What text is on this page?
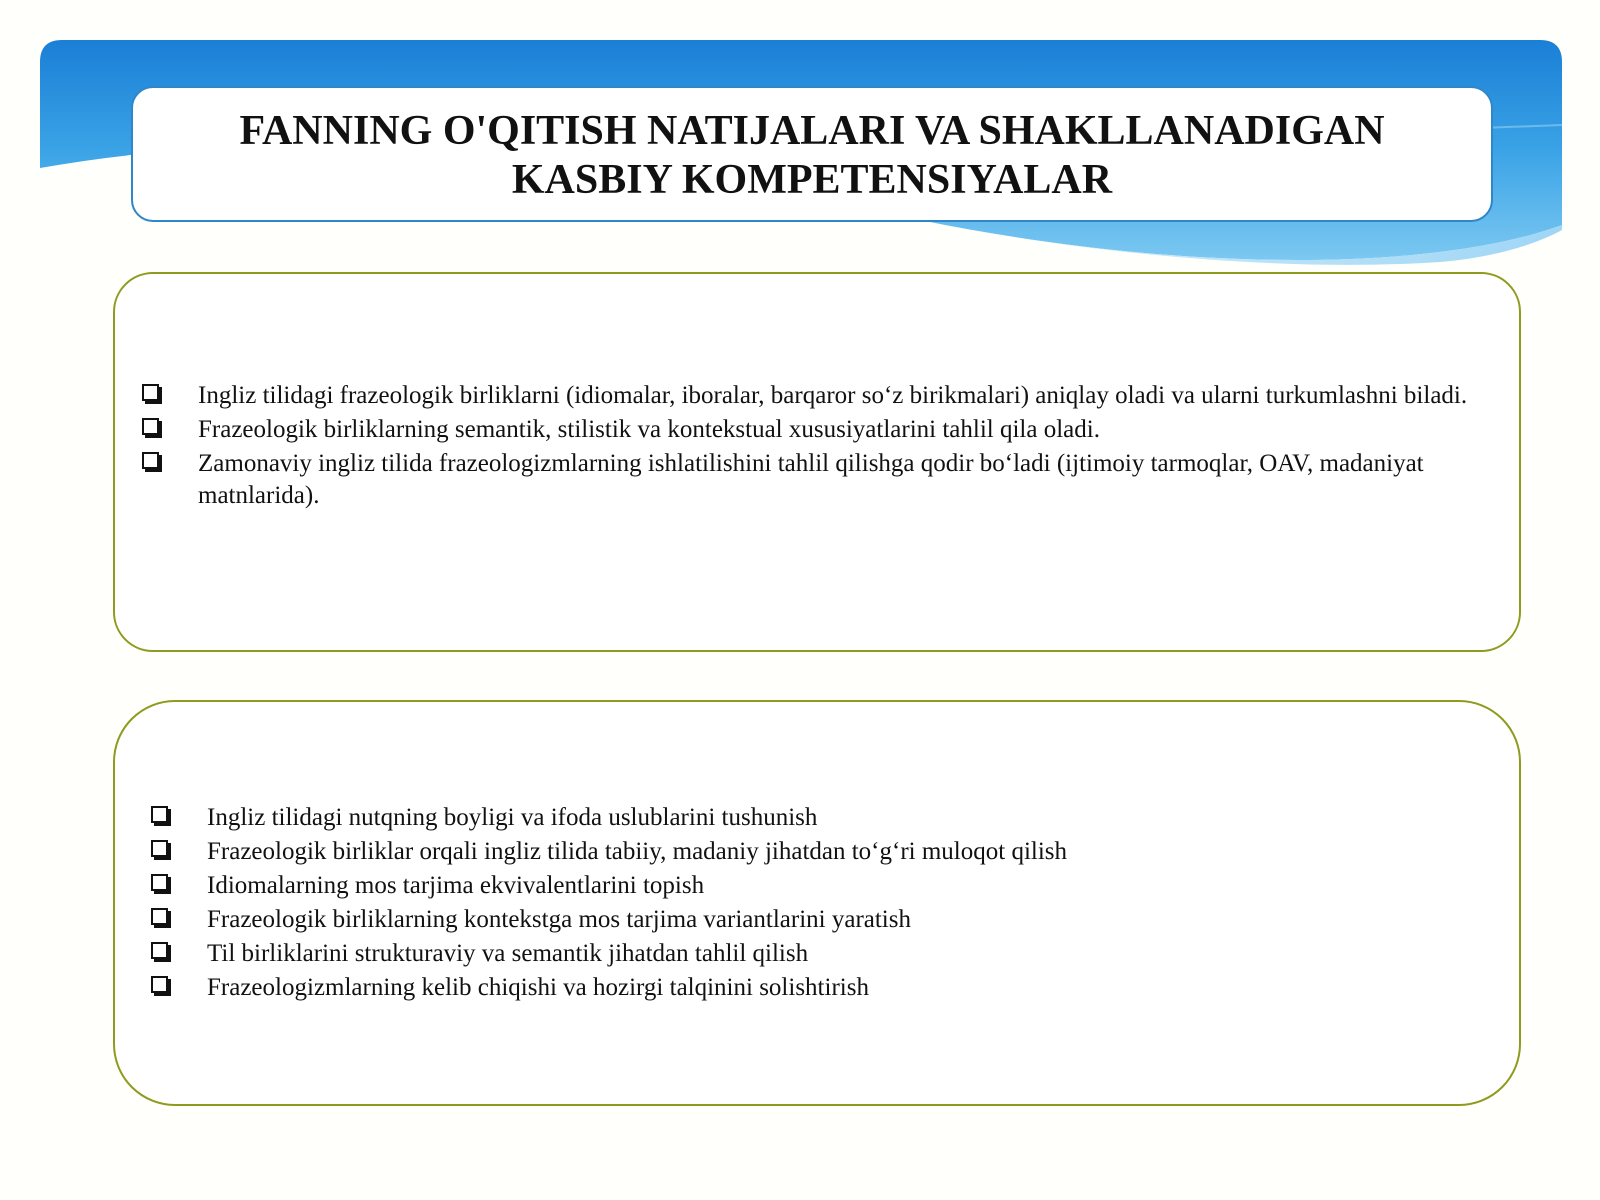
FANNING O'QITISH NATIJALARI VA SHAKLLANADIGAN
KASBIY KOMPETENSIYALAR
Ingliz tilidagi frazeologik birliklarni (idiomalar, iboralar, barqaror so‘z birikmalari) aniqlay oladi va ularni turkumlashni biladi.
Frazeologik birliklarning semantik, stilistik va kontekstual xususiyatlarini tahlil qila oladi.
Zamonaviy ingliz tilida frazeologizmlarning ishlatilishini tahlil qilishga qodir bo‘ladi (ijtimoiy tarmoqlar, OAV, madaniyat matnlarida).
Ingliz tilidagi nutqning boyligi va ifoda uslublarini tushunish
Frazeologik birliklar orqali ingliz tilida tabiiy, madaniy jihatdan to‘g‘ri muloqot qilish
Idiomalarning mos tarjima ekvivalentlarini topish
Frazeologik birliklarning kontekstga mos tarjima variantlarini yaratish
Til birliklarini strukturaviy va semantik jihatdan tahlil qilish
Frazeologizmlarning kelib chiqishi va hozirgi talqinini solishtirish
